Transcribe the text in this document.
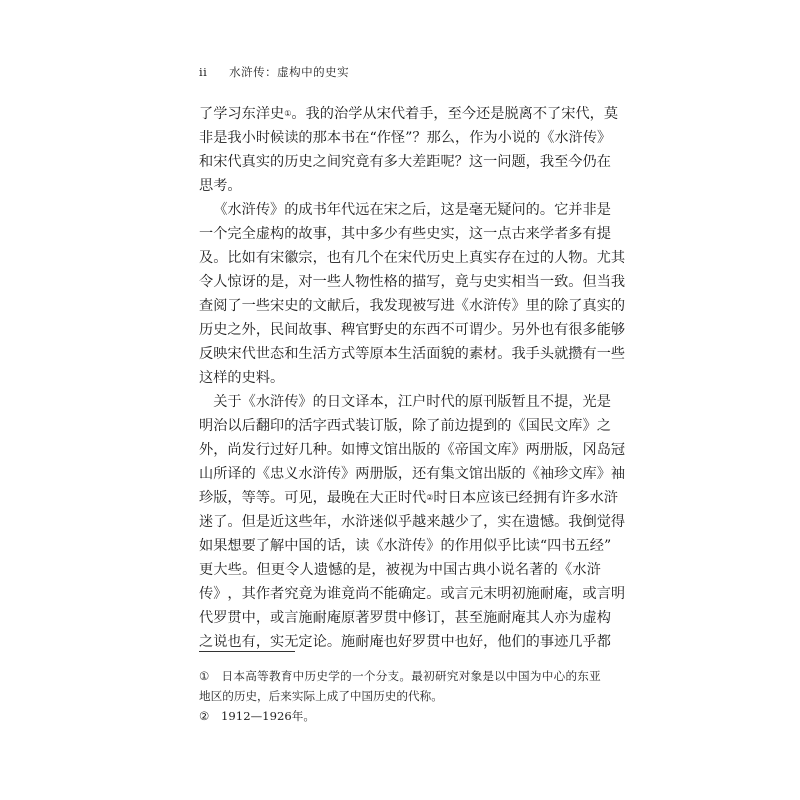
ii 水浒传：虚构中的史实
了 学 习 东 洋 史 ① 。 我 的 治 学 从 宋 代 着 手 ， 至 今 还 是 脱 离 不 了 宋 代 ， 莫
非 是 我 小 时 候 读 的 那 本 书 在 “ 作 怪 ” ？ 那 么 ， 作 为 小 说 的 《 水 浒 传 》
和 宋 代 真 实 的 历 史 之 间 究 竟 有 多 大 差 距 呢 ？ 这 一 问 题 ， 我 至 今 仍 在
思 考 。

《 水 浒 传 》 的 成 书 年 代 远 在 宋 之 后 ， 这 是 毫 无 疑 问 的 。 它 并 非 是
一 个 完 全 虚 构 的 故 事 ， 其 中 多 少 有 些 史 实 ， 这 一 点 古 来 学 者 多 有 提
及 。 比 如 有 宋 徽 宗 ， 也 有 几 个 在 宋 代 历 史 上 真 实 存 在 过 的 人 物 。 尤 其
令 人 惊 讶 的 是 ， 对 一 些 人 物 性 格 的 描 写 ， 竟 与 史 实 相 当 一 致 。 但 当 我
查 阅 了 一 些 宋 史 的 文 献 后 ， 我 发 现 被 写 进 《 水 浒 传 》 里 的 除 了 真 实 的
历 史 之 外 ， 民 间 故 事 、 稗 官 野 史 的 东 西 不 可 谓 少 。 另 外 也 有 很 多 能 够
反 映 宋 代 世 态 和 生 活 方 式 等 原 本 生 活 面 貌 的 素 材 。 我 手 头 就 攒 有 一 些
这 样 的 史 料 。

关 于 《 水 浒 传 》 的 日 文 译 本 ， 江 户 时 代 的 原 刊 版 暂 且 不 提 ， 光 是
明 治 以 后 翻 印 的 活 字 西 式 装 订 版 ， 除 了 前 边 提 到 的 《 国 民 文 库 》 之
外 ， 尚 发 行 过 好 几 种 。 如 博 文 馆 出 版 的 《 帝 国 文 库 》 两 册 版 ， 冈 岛 冠
山 所 译 的 《 忠 义 水 浒 传 》 两 册 版 ， 还 有 集 文 馆 出 版 的 《 袖 珍 文 库 》 袖
珍 版 ， 等 等 。 可 见 ， 最 晚 在 大 正 时 代 ② 时 日 本 应 该 已 经 拥 有 许 多 水 浒
迷 了 。 但 是 近 这 些 年 ， 水 浒 迷 似 乎 越 来 越 少 了 ， 实 在 遗 憾 。 我 倒 觉 得
如 果 想 要 了 解 中 国 的 话 ， 读 《 水 浒 传 》 的 作 用 似 乎 比 读 “ 四 书 五 经 ”
更 大 些 。 但 更 令 人 遗 憾 的 是 ， 被 视 为 中 国 古 典 小 说 名 著 的 《 水 浒
传 》 ， 其 作 者 究 竟 为 谁 竟 尚 不 能 确 定 。 或 言 元 末 明 初 施 耐 庵 ， 或 言 明
代 罗 贯 中 ， 或 言 施 耐 庵 原 著 罗 贯 中 修 订 ， 甚 至 施 耐 庵 其 人 亦 为 虚 构
之 说 也 有 ， 实 无 定 论 。 施 耐 庵 也 好 罗 贯 中 也 好 ， 他 们 的 事 迹 几 乎 都
①
　 日 本 高 等 教 育 中 历 史 学 的 一 个 分 支 。 最 初 研 究 对 象 是 以 中 国 为 中 心 的 东 亚
地 区 的 历 史 ， 后 来 实 际 上 成 了 中 国 历 史 的 代 称 。
②
　 1 9 1 2 — 1 9 2 6 年 。
